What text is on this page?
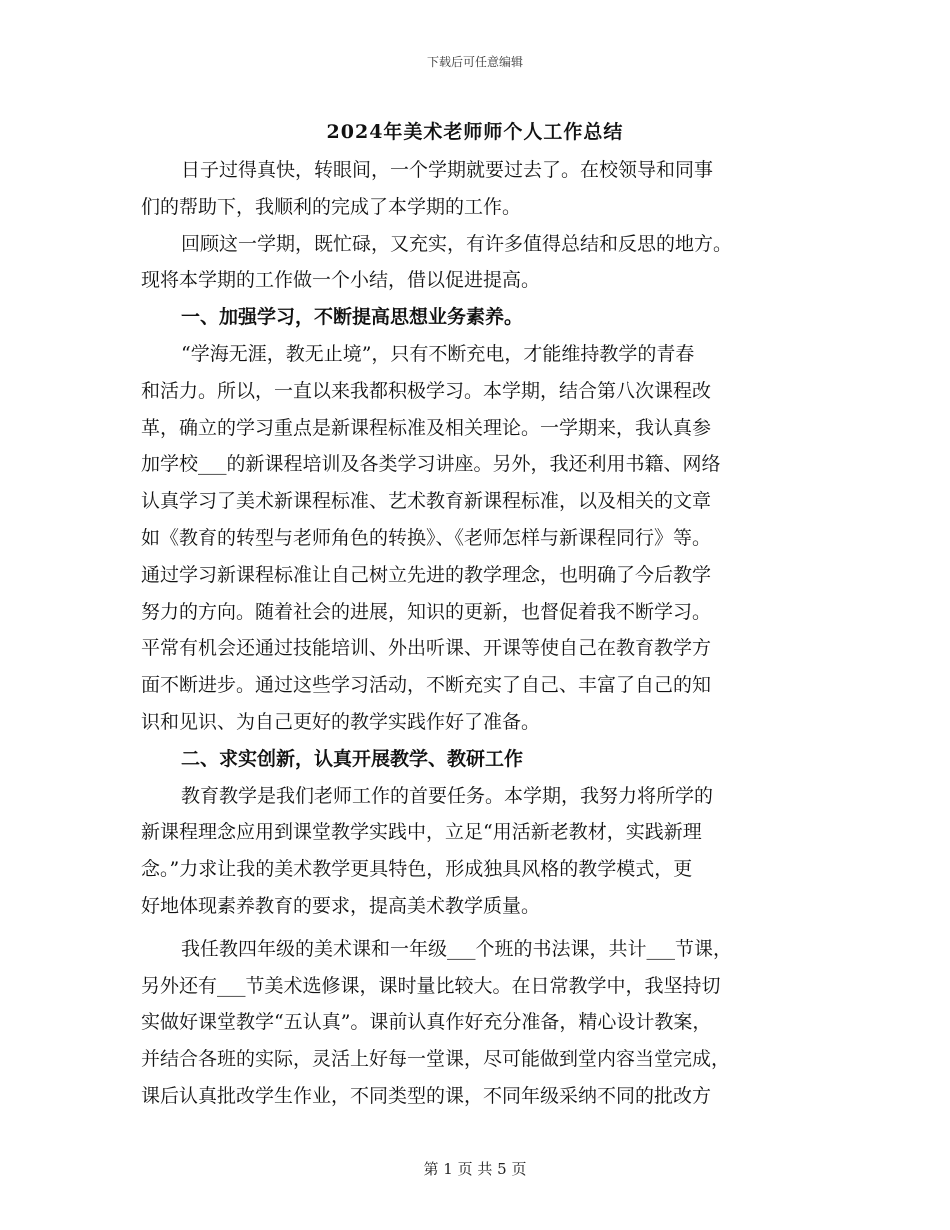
下载后可任意编辑
2024年美术老师师个人工作总结
日子过得真快，转眼间，一个学期就要过去了。在校领导和同事
们的帮助下，我顺利的完成了本学期的工作。
回顾这一学期，既忙碌，又充实，有许多值得总结和反思的地方。
现将本学期的工作做一个小结，借以促进提高。
一、加强学习，不断提高思想业务素养。
“学海无涯，教无止境”，只有不断充电，才能维持教学的青春
和活力。所以，一直以来我都积极学习。本学期，结合第八次课程改
革，确立的学习重点是新课程标准及相关理论。一学期来，我认真参
加学校___的新课程培训及各类学习讲座。另外，我还利用书籍、网络
认真学习了美术新课程标准、艺术教育新课程标准，以及相关的文章
如《教育的转型与老师角色的转换》、《老师怎样与新课程同行》等。
通过学习新课程标准让自己树立先进的教学理念，也明确了今后教学
努力的方向。随着社会的进展，知识的更新，也督促着我不断学习。
平常有机会还通过技能培训、外出听课、开课等使自己在教育教学方
面不断进步。通过这些学习活动，不断充实了自己、丰富了自己的知
识和见识、为自己更好的教学实践作好了准备。
二、求实创新，认真开展教学、教研工作
教育教学是我们老师工作的首要任务。本学期，我努力将所学的
新课程理念应用到课堂教学实践中，立足“用活新老教材，实践新理
念。”力求让我的美术教学更具特色，形成独具风格的教学模式，更
好地体现素养教育的要求，提高美术教学质量。
我任教四年级的美术课和一年级___个班的书法课，共计___节课，
另外还有___节美术选修课，课时量比较大。在日常教学中，我坚持切
实做好课堂教学“五认真”。课前认真作好充分准备，精心设计教案，
并结合各班的实际，灵活上好每一堂课，尽可能做到堂内容当堂完成，
课后认真批改学生作业，不同类型的课，不同年级采纳不同的批改方
第 1 页 共 5 页
